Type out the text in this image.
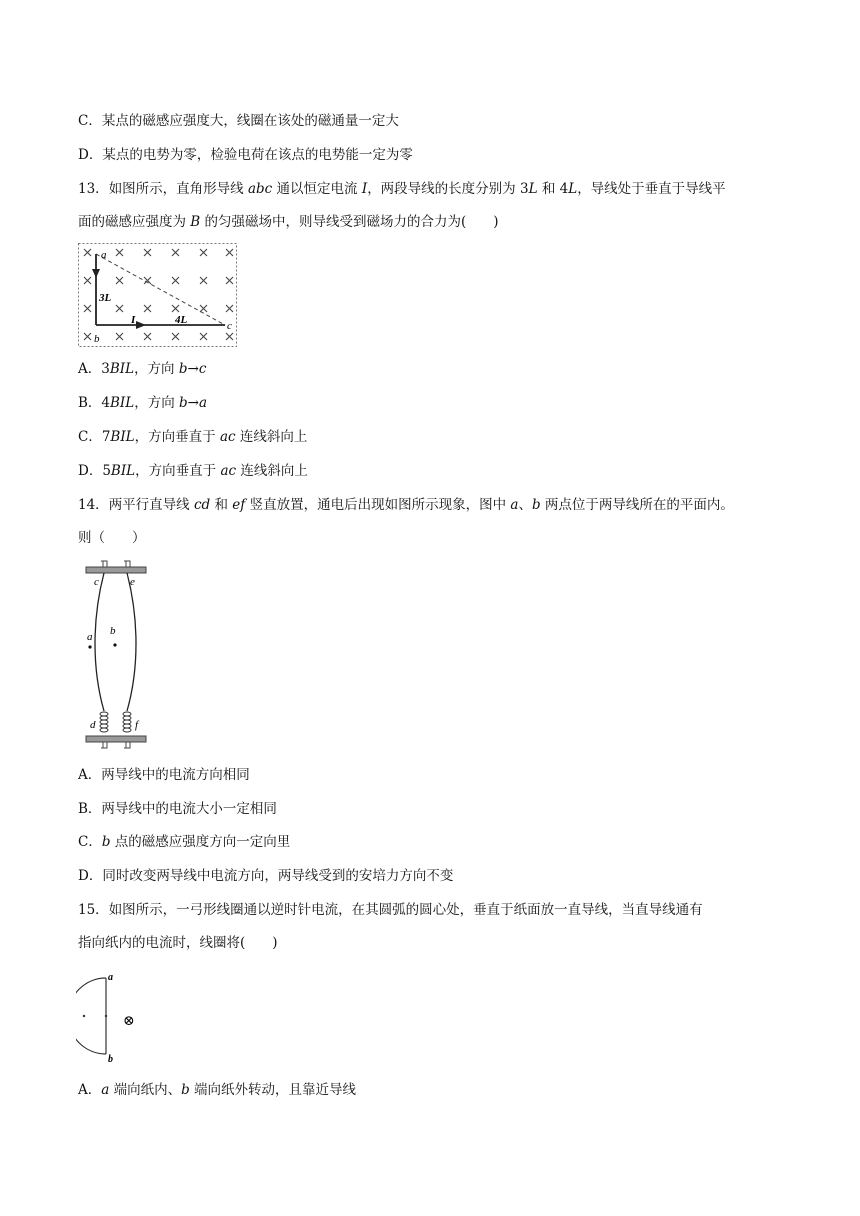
C．某点的磁感应强度大，线圈在该处的磁通量一定大
D．某点的电势为零，检验电荷在该点的电势能一定为零
13．如图所示，直角形导线 abc 通以恒定电流 I，两段导线的长度分别为 3L 和 4L，导线处于垂直于导线平
面的磁感应强度为 B 的匀强磁场中，则导线受到磁场力的合力为(　　)
a
3L
I	4L	c
b
A．3BIL，方向 b→c
B．4BIL，方向 b→a
C．7BIL，方向垂直于 ac 连线斜向上
D．5BIL，方向垂直于 ac 连线斜向上
14．两平行直导线 cd 和 ef 竖直放置，通电后出现如图所示现象，图中 a、b 两点位于两导线所在的平面内。
则（　　）
c	e
a b
d	f
A．两导线中的电流方向相同
B．两导线中的电流大小一定相同
C．b 点的磁感应强度方向一定向里
D．同时改变两导线中电流方向，两导线受到的安培力方向不变
15．如图所示，一弓形线圈通以逆时针电流，在其圆弧的圆心处，垂直于纸面放一直导线，当直导线通有
指向纸内的电流时，线圈将(　　)
a
b
⊗
A．a 端向纸内、b 端向纸外转动，且靠近导线
